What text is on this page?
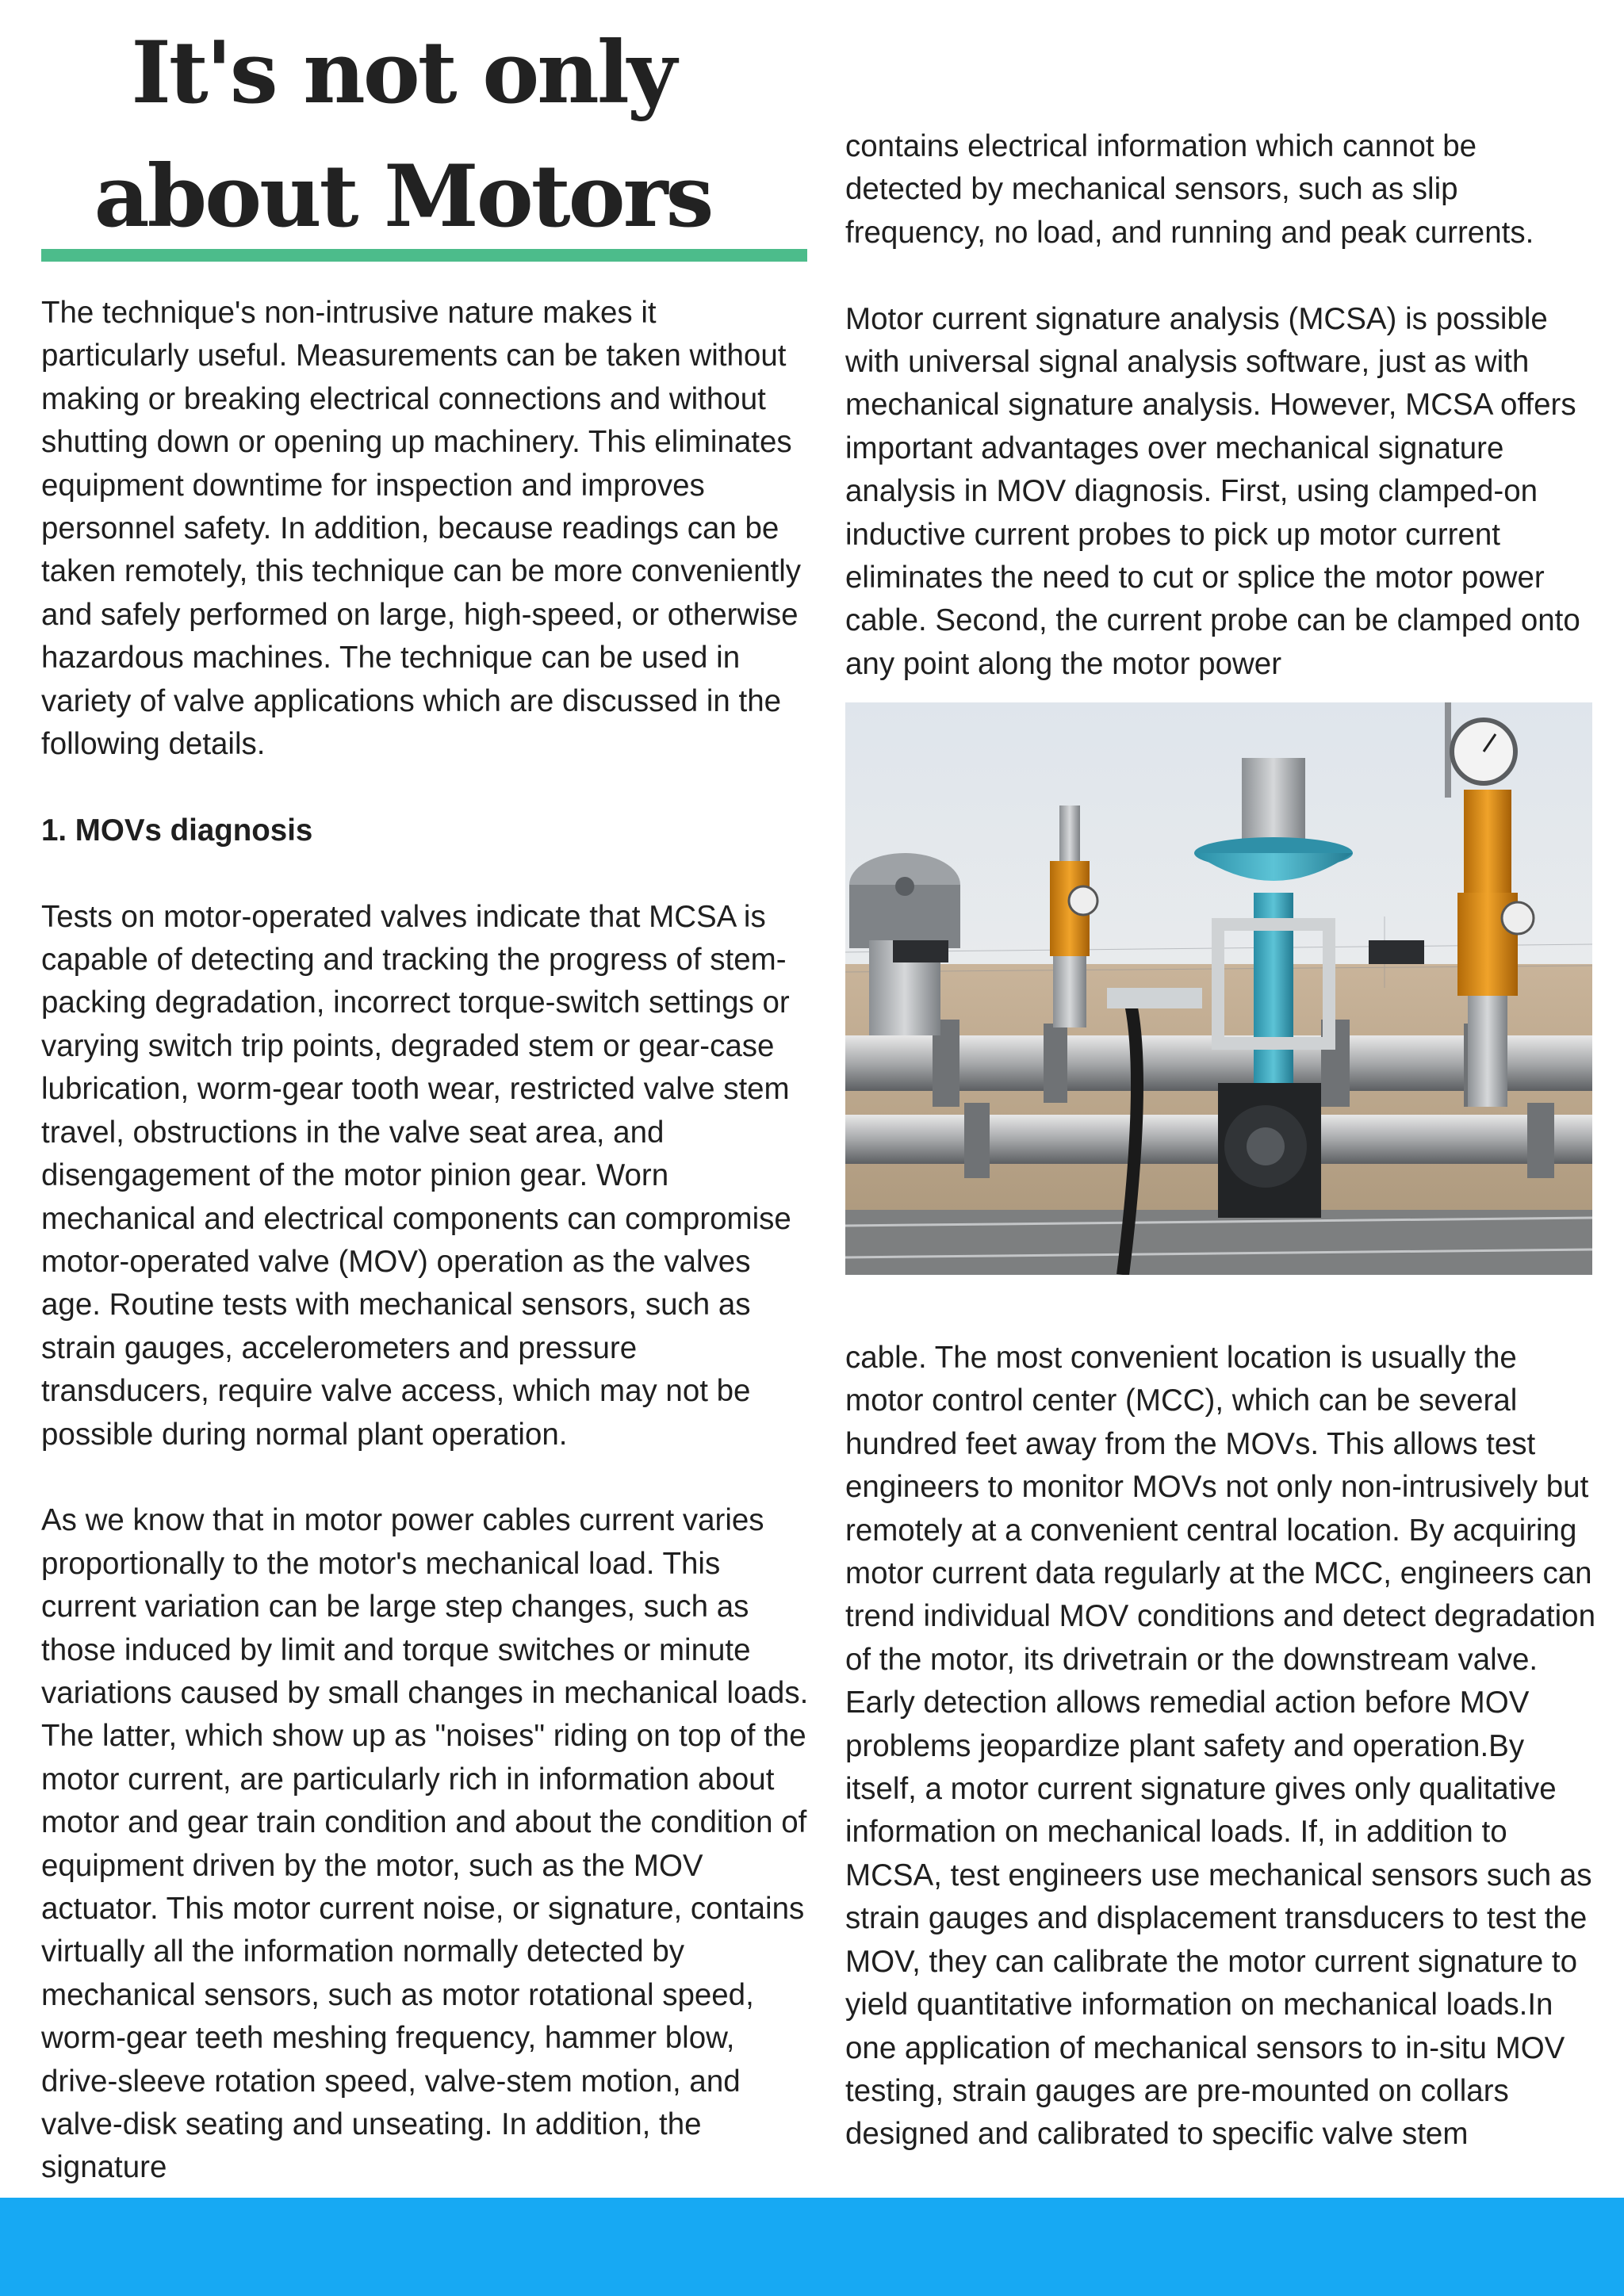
It's not only
about Motors

The technique's non-intrusive nature makes it particularly useful. Measurements can be taken without making or breaking electrical connections and without shutting down or opening up machinery. This eliminates equipment downtime for inspection and improves personnel safety. In addition, because readings can be taken remotely, this technique can be more conveniently and safely performed on large, high-speed, or otherwise hazardous machines. The technique can be used in variety of valve applications which are discussed in the following details.

1. MOVs diagnosis

Tests on motor-operated valves indicate that MCSA is capable of detecting and tracking the progress of stem-packing degradation, incorrect torque-switch settings or varying switch trip points, degraded stem or gear-case lubrication, worm-gear tooth wear, restricted valve stem travel, obstructions in the valve seat area, and disengagement of the motor pinion gear. Worn mechanical and electrical components can compromise motor-operated valve (MOV) operation as the valves age. Routine tests with mechanical sensors, such as strain gauges, accelerometers and pressure transducers, require valve access, which may not be possible during normal plant operation.

As we know that in motor power cables current varies proportionally to the motor's mechanical load. This current variation can be large step changes, such as those induced by limit and torque switches or minute variations caused by small changes in mechanical loads. The latter, which show up as "noises" riding on top of the motor current, are particularly rich in information about motor and gear train condition and about the condition of equipment driven by the motor, such as the MOV actuator. This motor current noise, or signature, contains virtually all the information normally detected by mechanical sensors, such as motor rotational speed, worm-gear teeth meshing frequency, hammer blow, drive-sleeve rotation speed, valve-stem motion, and valve-disk seating and unseating. In addition, the signature

contains electrical information which cannot be detected by mechanical sensors, such as slip frequency, no load, and running and peak currents.

Motor current signature analysis (MCSA) is possible with universal signal analysis software, just as with mechanical signature analysis. However, MCSA offers important advantages over mechanical signature analysis in MOV diagnosis. First, using clamped-on inductive current probes to pick up motor current eliminates the need to cut or splice the motor power cable. Second, the current probe can be clamped onto any point along the motor power

cable. The most convenient location is usually the motor control center (MCC), which can be several hundred feet away from the MOVs. This allows test engineers to monitor MOVs not only non-intrusively but remotely at a convenient central location. By acquiring motor current data regularly at the MCC, engineers can trend individual MOV conditions and detect degradation of the motor, its drivetrain or the downstream valve. Early detection allows remedial action before MOV problems jeopardize plant safety and operation.By itself, a motor current signature gives only qualitative information on mechanical loads. If, in addition to MCSA, test engineers use mechanical sensors such as strain gauges and displacement transducers to test the MOV, they can calibrate the motor current signature to yield quantitative information on mechanical loads.In one application of mechanical sensors to in-situ MOV testing, strain gauges are pre-mounted on collars designed and calibrated to specific valve stem
